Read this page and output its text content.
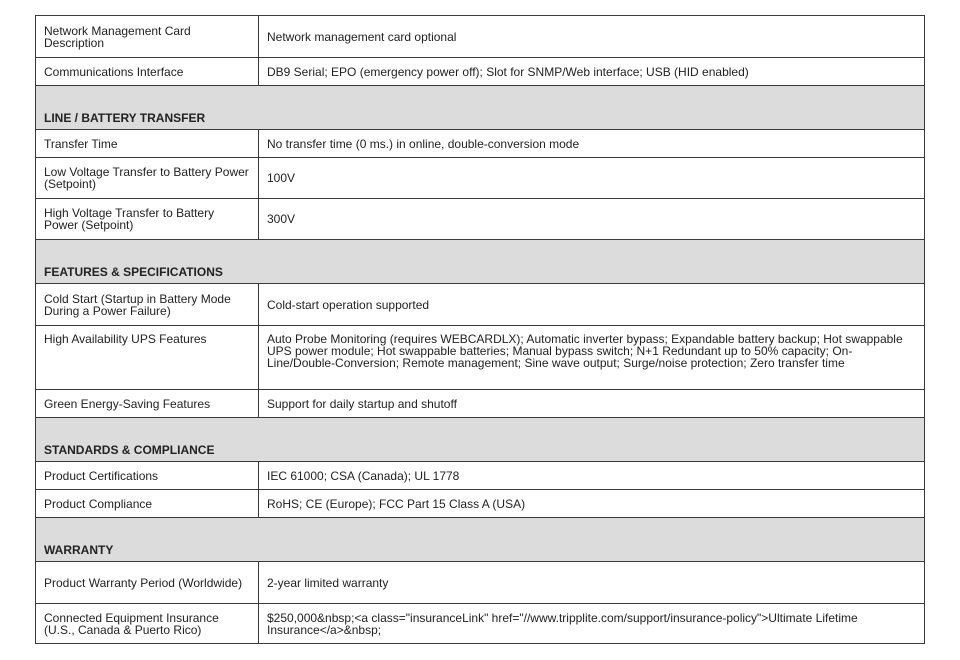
Network Management Card Description	Network management card optional
Communications Interface	DB9 Serial; EPO (emergency power off); Slot for SNMP/Web interface; USB (HID enabled)
LINE / BATTERY TRANSFER	
Transfer Time	No transfer time (0 ms.) in online, double-conversion mode
Low Voltage Transfer to Battery Power (Setpoint)	100V
High Voltage Transfer to Battery Power (Setpoint)	300V
FEATURES & SPECIFICATIONS	
Cold Start (Startup in Battery Mode During a Power Failure)	Cold-start operation supported
High Availability UPS Features	Auto Probe Monitoring (requires WEBCARDLX); Automatic inverter bypass; Expandable battery backup; Hot swappable UPS power module; Hot swappable batteries; Manual bypass switch; N+1 Redundant up to 50% capacity; On-Line/Double-Conversion; Remote management; Sine wave output; Surge/noise protection; Zero transfer time
Green Energy-Saving Features	Support for daily startup and shutoff
STANDARDS & COMPLIANCE	
Product Certifications	IEC 61000; CSA (Canada); UL 1778
Product Compliance	RoHS; CE (Europe); FCC Part 15 Class A (USA)
WARRANTY	
Product Warranty Period (Worldwide)	2-year limited warranty
Connected Equipment Insurance (U.S., Canada & Puerto Rico)	$250,000&nbsp;<a class="insuranceLink" href="//www.tripplite.com/support/insurance-policy">Ultimate Lifetime Insurance</a>&nbsp;
